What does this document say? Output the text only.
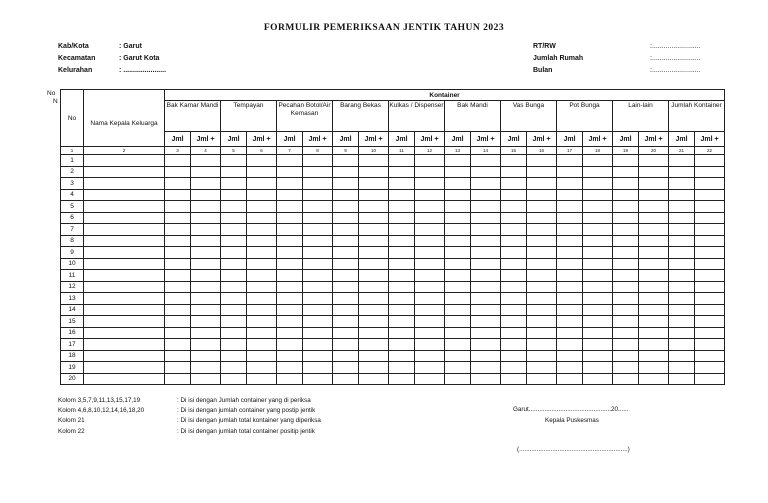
FORMULIR PEMERIKSAAN JENTIK TAHUN 2023
Kab/Kota	: Garut
Kecamatan	: Garut Kota
Kelurahan	: ......................
RT/RW	:.........................
Jumlah Rumah	:.........................
Bulan	:.........................
No
N
No	Nama Kepala Keluarga	Kontainer																			
		Bak Kamar Mandi		Tempayan		Pecahan Botol/Air Kemasan		Barang Bekas		Kulkas / Dispenser		Bak Mandi		Vas Bunga		Pot Bunga		Lain-lain		Jumlah Kontainer	
		Jml	Jml +	Jml	Jml +	Jml	Jml +	Jml	Jml +	Jml	Jml +	Jml	Jml +	Jml	Jml +	Jml	Jml +	Jml	Jml +	Jml	Jml +
1	2	3	4	5	6	7	8	9	10	11	12	13	14	15	16	17	18	19	20	21	22
1																					
2																					
3																					
4																					
5																					
6																					
7																					
8																					
9																					
10																					
11																					
12																					
13																					
14																					
15																					
16																					
17																					
18																					
19																					
20																					
Kolom 3,5,7,9,11,13,15,17,19	: Di isi dengan Jumlah container yang di periksa
Kolom 4,6,8,10,12,14,16,18,20	: Di isi dengan jumlah container yang postip jentik
Kolom 21	: Di isi dengan jumlah total kontainer yang diperiksa
Kolom 22	: Di isi dengan jumlah total container positip jentik
Garut...............................................20......
Kepala Puskesmas
(..............................................................)
